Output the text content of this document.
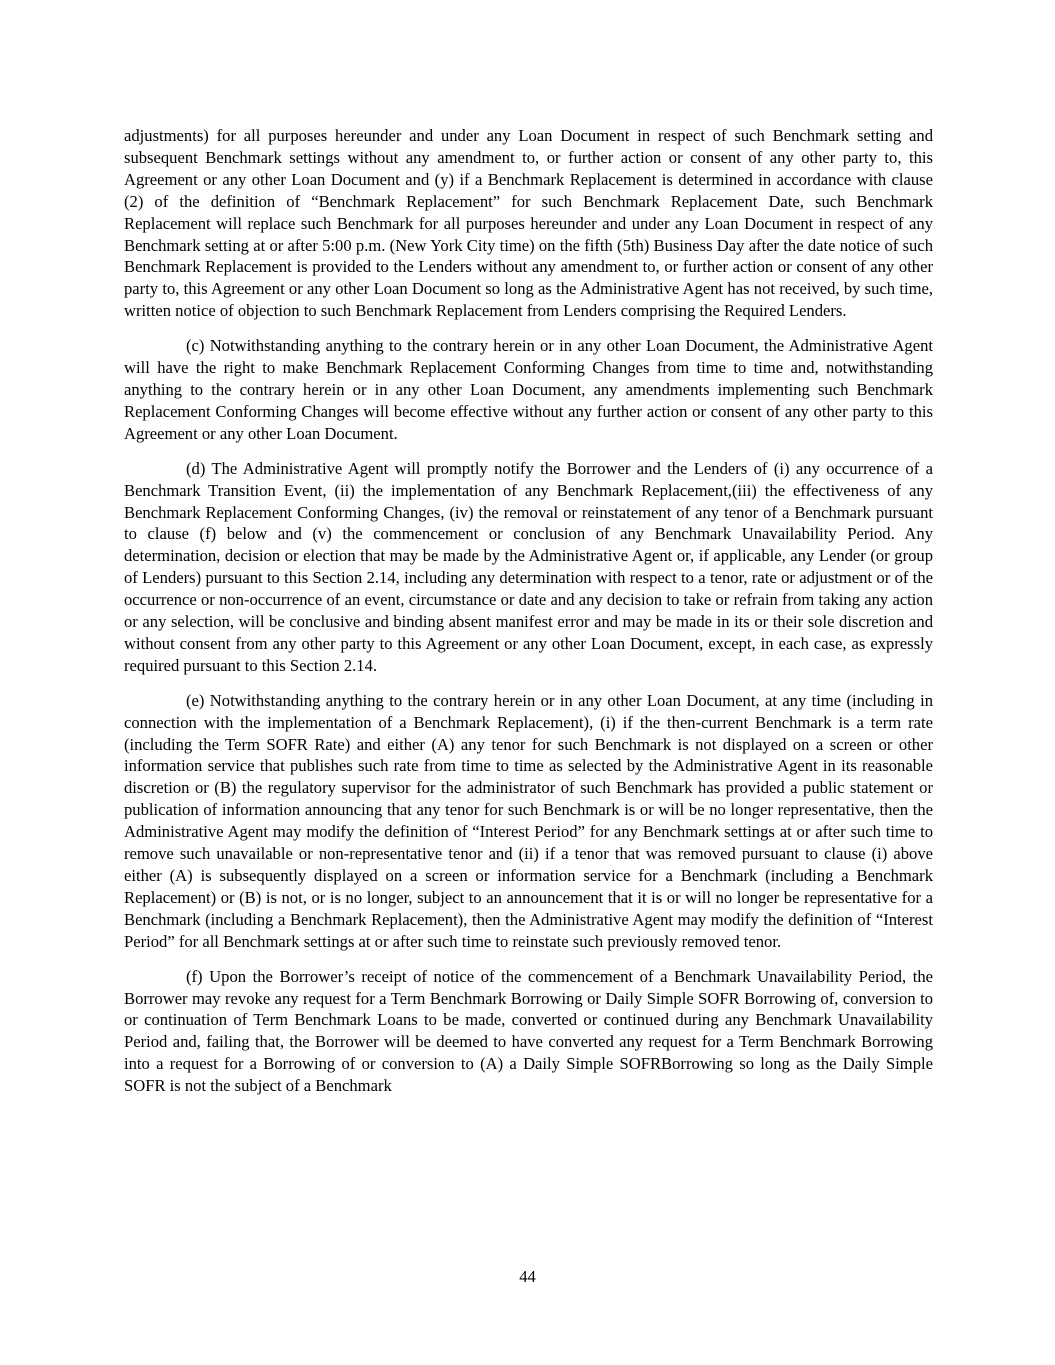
adjustments) for all purposes hereunder and under any Loan Document in respect of such Benchmark setting and subsequent Benchmark settings without any amendment to, or further action or consent of any other party to, this Agreement or any other Loan Document and (y) if a Benchmark Replacement is determined in accordance with clause (2) of the definition of “Benchmark Replacement” for such Benchmark Replacement Date, such Benchmark Replacement will replace such Benchmark for all purposes hereunder and under any Loan Document in respect of any Benchmark setting at or after 5:00 p.m. (New York City time) on the fifth (5th) Business Day after the date notice of such Benchmark Replacement is provided to the Lenders without any amendment to, or further action or consent of any other party to, this Agreement or any other Loan Document so long as the Administrative Agent has not received, by such time, written notice of objection to such Benchmark Replacement from Lenders comprising the Required Lenders.

(c) Notwithstanding anything to the contrary herein or in any other Loan Document, the Administrative Agent will have the right to make Benchmark Replacement Conforming Changes from time to time and, notwithstanding anything to the contrary herein or in any other Loan Document, any amendments implementing such Benchmark Replacement Conforming Changes will become effective without any further action or consent of any other party to this Agreement or any other Loan Document.

(d) The Administrative Agent will promptly notify the Borrower and the Lenders of (i) any occurrence of a Benchmark Transition Event, (ii) the implementation of any Benchmark Replacement,(iii) the effectiveness of any Benchmark Replacement Conforming Changes, (iv) the removal or reinstatement of any tenor of a Benchmark pursuant to clause (f) below and (v) the commencement or conclusion of any Benchmark Unavailability Period. Any determination, decision or election that may be made by the Administrative Agent or, if applicable, any Lender (or group of Lenders) pursuant to this Section 2.14, including any determination with respect to a tenor, rate or adjustment or of the occurrence or non-occurrence of an event, circumstance or date and any decision to take or refrain from taking any action or any selection, will be conclusive and binding absent manifest error and may be made in its or their sole discretion and without consent from any other party to this Agreement or any other Loan Document, except, in each case, as expressly required pursuant to this Section 2.14.

(e) Notwithstanding anything to the contrary herein or in any other Loan Document, at any time (including in connection with the implementation of a Benchmark Replacement), (i) if the then-current Benchmark is a term rate (including the Term SOFR Rate) and either (A) any tenor for such Benchmark is not displayed on a screen or other information service that publishes such rate from time to time as selected by the Administrative Agent in its reasonable discretion or (B) the regulatory supervisor for the administrator of such Benchmark has provided a public statement or publication of information announcing that any tenor for such Benchmark is or will be no longer representative, then the Administrative Agent may modify the definition of “Interest Period” for any Benchmark settings at or after such time to remove such unavailable or non-representative tenor and (ii) if a tenor that was removed pursuant to clause (i) above either (A) is subsequently displayed on a screen or information service for a Benchmark (including a Benchmark Replacement) or (B) is not, or is no longer, subject to an announcement that it is or will no longer be representative for a Benchmark (including a Benchmark Replacement), then the Administrative Agent may modify the definition of “Interest Period” for all Benchmark settings at or after such time to reinstate such previously removed tenor.

(f) Upon the Borrower’s receipt of notice of the commencement of a Benchmark Unavailability Period, the Borrower may revoke any request for a Term Benchmark Borrowing or Daily Simple SOFR Borrowing of, conversion to or continuation of Term Benchmark Loans to be made, converted or continued during any Benchmark Unavailability Period and, failing that, the Borrower will be deemed to have converted any request for a Term Benchmark Borrowing into a request for a Borrowing of or conversion to (A) a Daily Simple SOFRBorrowing so long as the Daily Simple SOFR is not the subject of a Benchmark

44
